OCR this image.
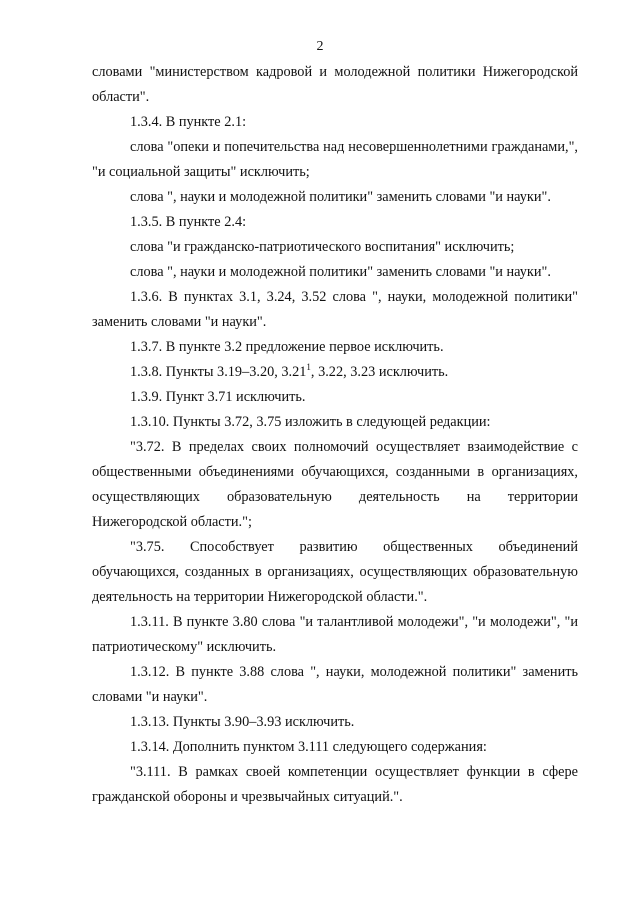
2

словами "министерством кадровой и молодежной политики Нижегородской области".

1.3.4. В пункте 2.1:

слова "опеки и попечительства над несовершеннолетними гражданами,", "и социальной защиты" исключить;

слова ", науки и молодежной политики" заменить словами "и науки".

1.3.5. В пункте 2.4:

слова "и гражданско-патриотического воспитания" исключить;

слова ", науки и молодежной политики" заменить словами "и науки".

1.3.6. В пунктах 3.1, 3.24, 3.52 слова ", науки, молодежной политики" заменить словами "и науки".

1.3.7. В пункте 3.2 предложение первое исключить.

1.3.8. Пункты 3.19–3.20, 3.21$^1$, 3.22, 3.23 исключить.

1.3.9. Пункт 3.71 исключить.

1.3.10. Пункты 3.72, 3.75 изложить в следующей редакции:

"3.72. В пределах своих полномочий осуществляет взаимодействие с общественными объединениями обучающихся, созданными в организациях, осуществляющих образовательную деятельность на территории Нижегородской области.";

"3.75. Способствует развитию общественных объединений обучающихся, созданных в организациях, осуществляющих образовательную деятельность на территории Нижегородской области.".

1.3.11. В пункте 3.80 слова "и талантливой молодежи", "и молодежи", "и патриотическому" исключить.

1.3.12. В пункте 3.88 слова ", науки, молодежной политики" заменить словами "и науки".

1.3.13. Пункты 3.90–3.93 исключить.

1.3.14. Дополнить пунктом 3.111 следующего содержания:

"3.111. В рамках своей компетенции осуществляет функции в сфере гражданской обороны и чрезвычайных ситуаций.".
